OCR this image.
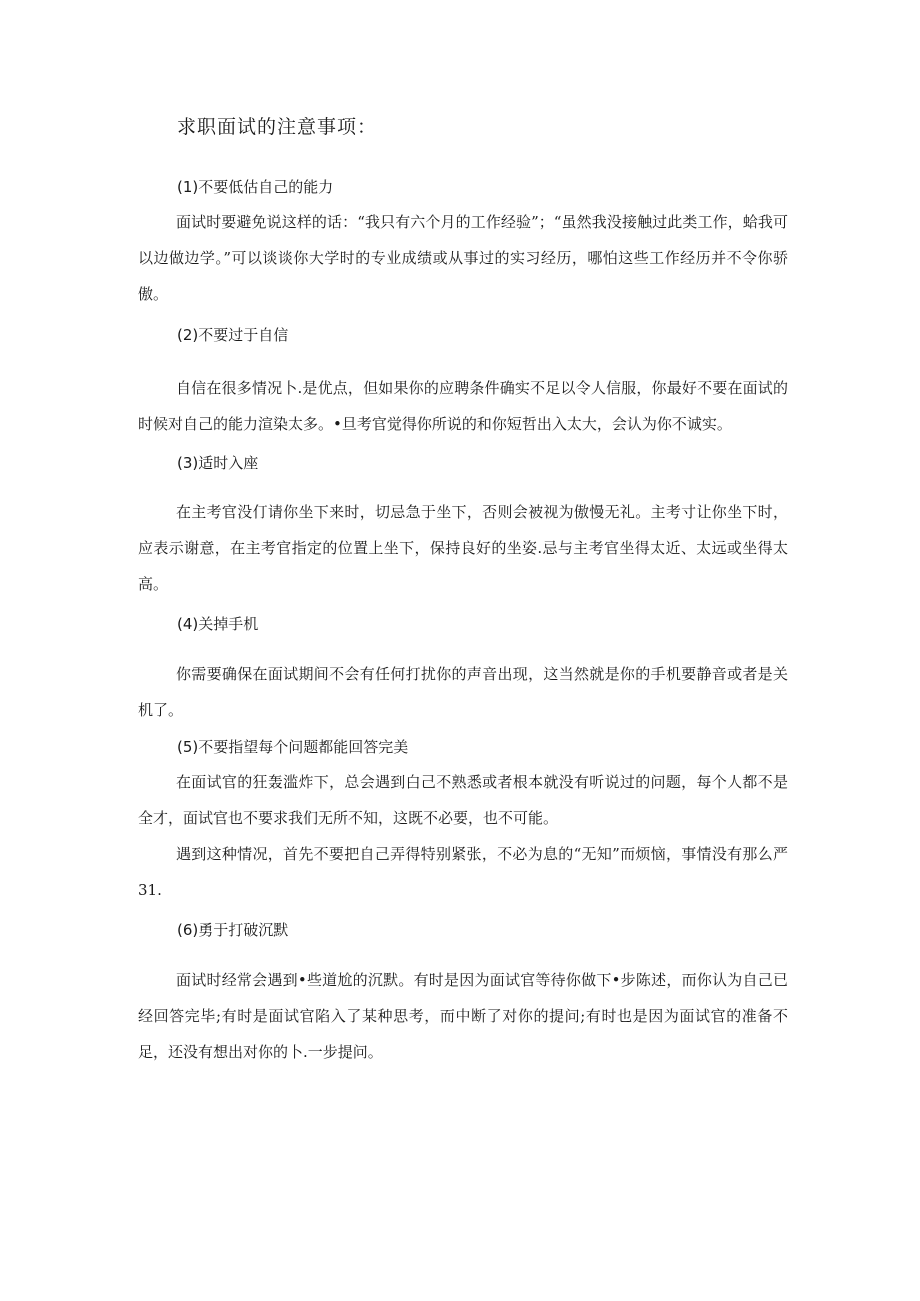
求职面试的注意事项：
(1)不要低估自己的能力
面试时要避免说这样的话：“我只有六个月的工作经验”；“虽然我没接触过此类工作，蛤我可以边做边学。”可以谈谈你大学时的专业成绩或从事过的实习经历，哪怕这些工作经历并不令你骄傲。
(2)不要过于自信
自信在很多情况卜.是优点，但如果你的应聘条件确实不足以令人信服，你最好不要在面试的时候对自己的能力渲染太多。•旦考官觉得你所说的和你短哲出入太大，会认为你不诚实。
(3)适时入座
在主考官没仃请你坐下来时，切忌急于坐下，否则会被视为傲慢无礼。主考寸让你坐下时，应表示谢意，在主考官指定的位置上坐下，保持良好的坐姿.忌与主考官坐得太近、太远或坐得太高。
(4)关掉手机
你需要确保在面试期间不会有任何打扰你的声音出现，这当然就是你的手机要静音或者是关机了。
(5)不要指望每个问题都能回答完美
在面试官的狂轰滥炸下，总会遇到白己不熟悉或者根本就没有听说过的问题，每个人都不是全才，面试官也不要求我们无所不知，这既不必要，也不可能。
遇到这种情况，首先不要把自己弄得特别紧张，不必为息的“无知”而烦恼，事情没有那么严31.
(6)勇于打破沉默
面试时经常会遇到•些道尬的沉默。有时是因为面试官等待你做下•步陈述，而你认为自己已经回答完毕;有时是面试官陷入了某种思考，而中断了对你的提问;有时也是因为面试官的准备不足，还没有想出对你的卜.一步提问。
